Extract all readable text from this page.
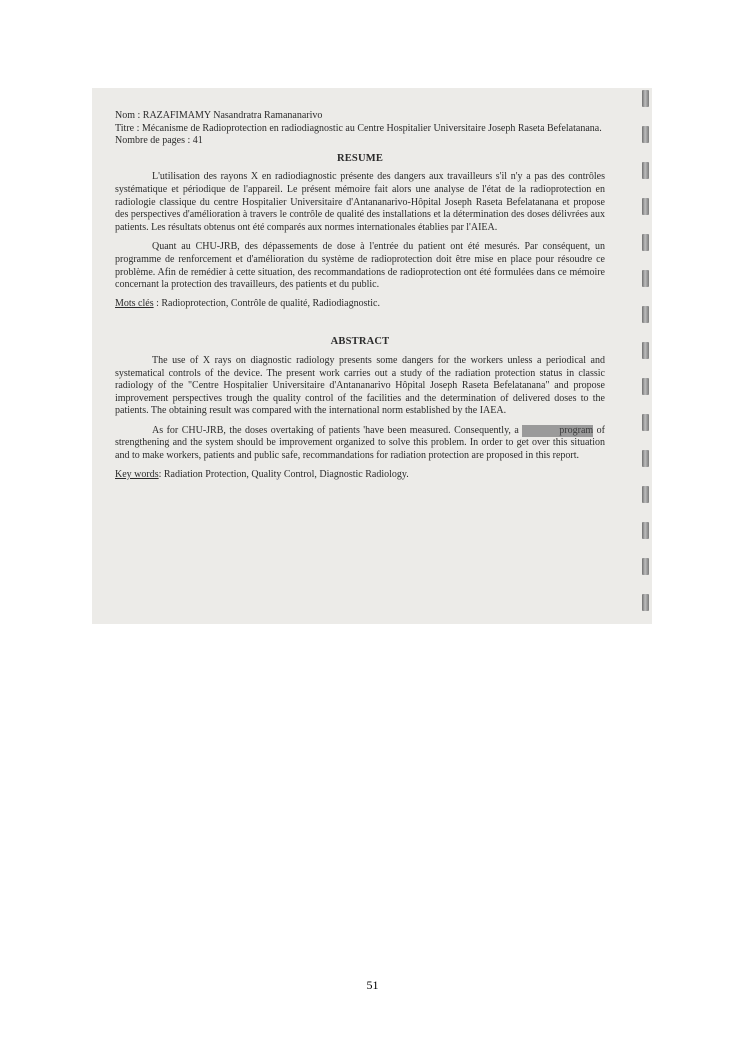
Nom : RAZAFIMAMY Nasandratra Ramananarivo

Titre : Mécanisme de Radioprotection en radiodiagnostic au Centre Hospitalier Universitaire Joseph Raseta Befelatanana.

Nombre de pages : 41

RESUME

L'utilisation des rayons X en radiodiagnostic présente des dangers aux travailleurs s'il n'y a pas des contrôles systématique et périodique de l'appareil. Le présent mémoire fait alors une analyse de l'état de la radioprotection en radiologie classique du centre Hospitalier Universitaire d'Antananarivo-Hôpital Joseph Raseta Befelatanana et propose des perspectives d'amélioration à travers le contrôle de qualité des installations et la détermination des doses délivrées aux patients. Les résultats obtenus ont été comparés aux normes internationales établies par l'AIEA.

Quant au CHU-JRB, des dépassements de dose à l'entrée du patient ont été mesurés. Par conséquent, un programme de renforcement et d'amélioration du système de radioprotection doit être mise en place pour résoudre ce problème. Afin de remédier à cette situation, des recommandations de radioprotection ont été formulées dans ce mémoire concernant la protection des travailleurs, des patients et du public.

Mots clés : Radioprotection, Contrôle de qualité, Radiodiagnostic.

ABSTRACT

The use of X rays on diagnostic radiology presents some dangers for the workers unless a periodical and systematical controls of the device. The present work carries out a study of the radiation protection status in classic radiology of the "Centre Hospitalier Universitaire d'Antananarivo Hôpital Joseph Raseta Befelatanana" and propose improvement perspectives trough the quality control of the facilities and the determination of delivered doses to the patients. The obtaining result was compared with the international norm established by the IAEA.

As for CHU-JRB, the doses overtaking of patients 'have been measured. Consequently, a	program of strengthening and the system should be improvement organized to solve this problem. In order to get over this situation and to make workers, patients and public safe, recommandations for radiation protection are proposed in this report.

Key words: Radiation Protection, Quality Control, Diagnostic Radiology.

51
